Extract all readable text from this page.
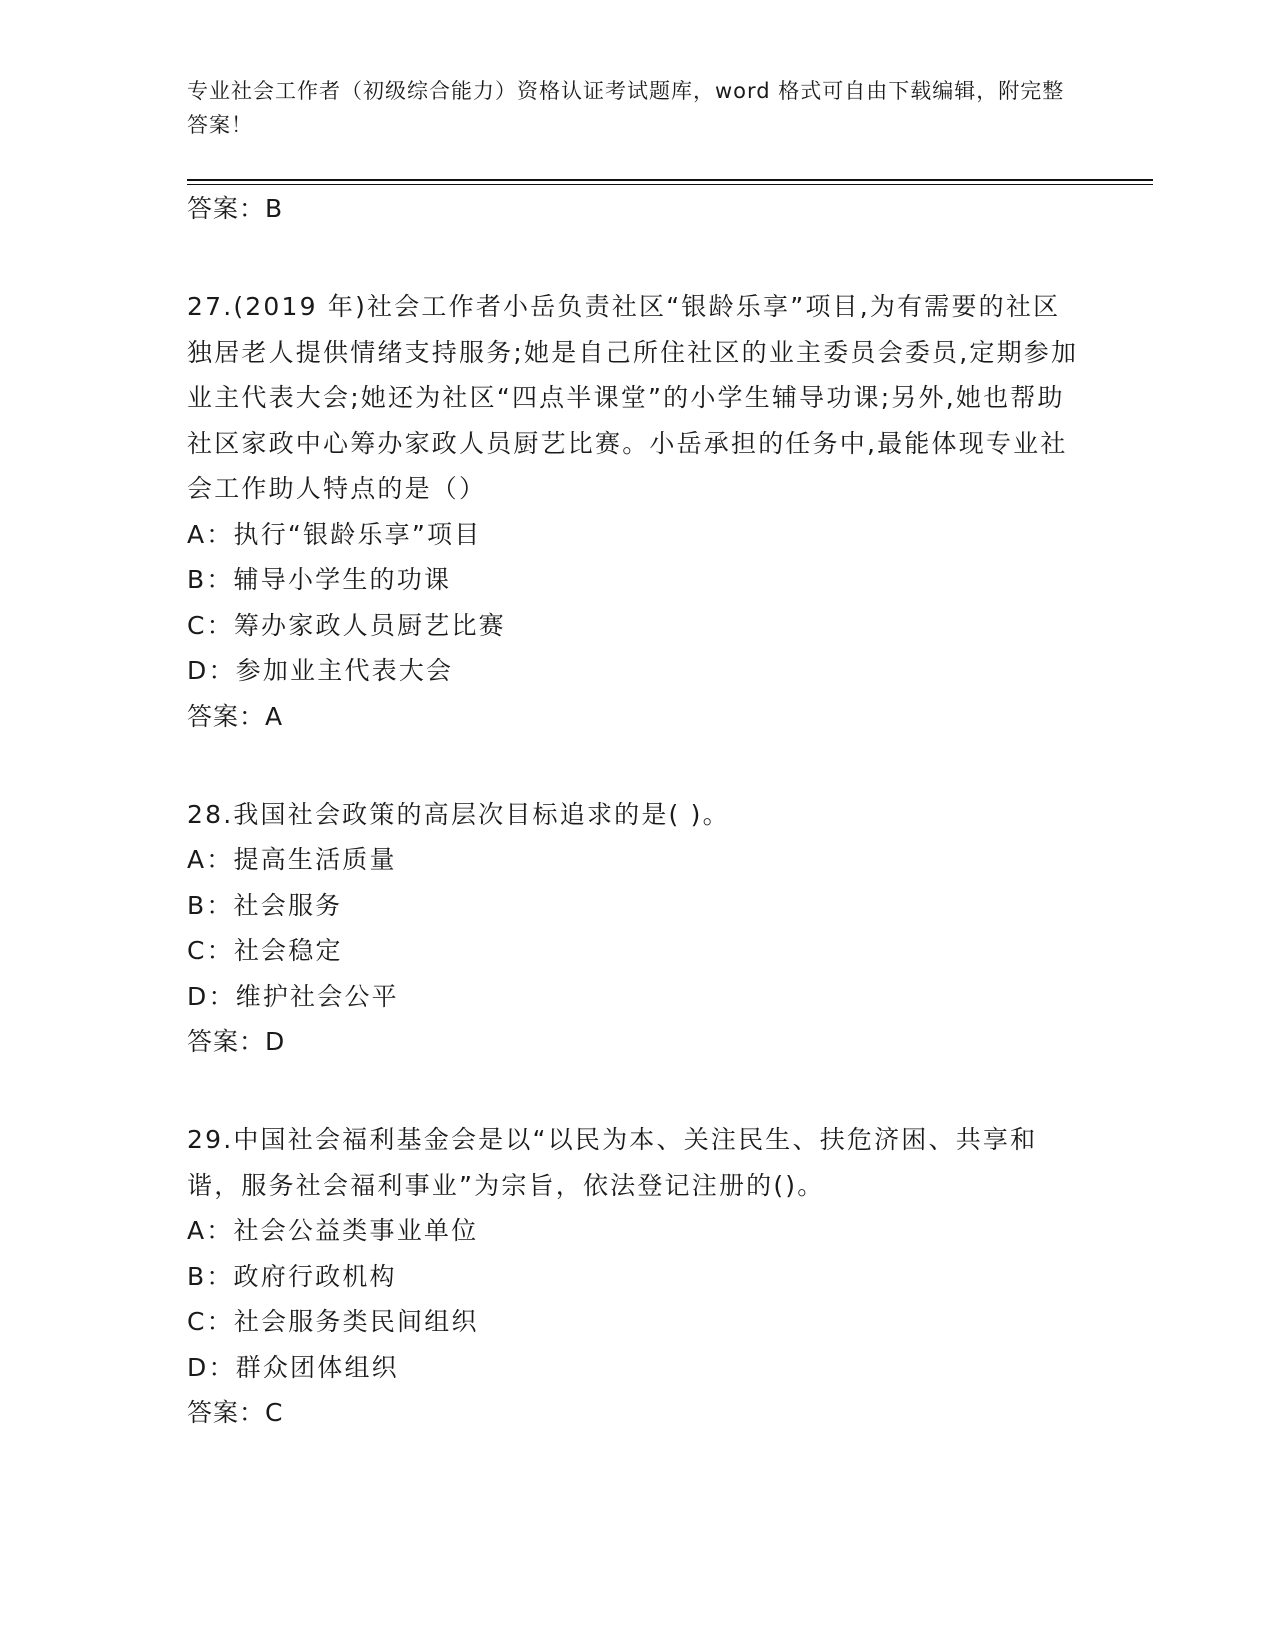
专业社会工作者（初级综合能力）资格认证考试题库，word 格式可自由下载编辑，附完整答案！

答案：B

27.(2019 年)社会工作者小岳负责社区“银龄乐享”项目,为有需要的社区独居老人提供情绪支持服务;她是自己所住社区的业主委员会委员,定期参加业主代表大会;她还为社区“四点半课堂”的小学生辅导功课;另外,她也帮助社区家政中心筹办家政人员厨艺比赛。小岳承担的任务中,最能体现专业社会工作助人特点的是（）

A：执行“银龄乐享”项目

B：辅导小学生的功课

C：筹办家政人员厨艺比赛

D：参加业主代表大会

答案：A

28.我国社会政策的高层次目标追求的是( )。

A：提高生活质量

B：社会服务

C：社会稳定

D：维护社会公平

答案：D

29.中国社会福利基金会是以“以民为本、关注民生、扶危济困、共享和谐，服务社会福利事业”为宗旨，依法登记注册的()。

A：社会公益类事业单位

B：政府行政机构

C：社会服务类民间组织

D：群众团体组织

答案：C
